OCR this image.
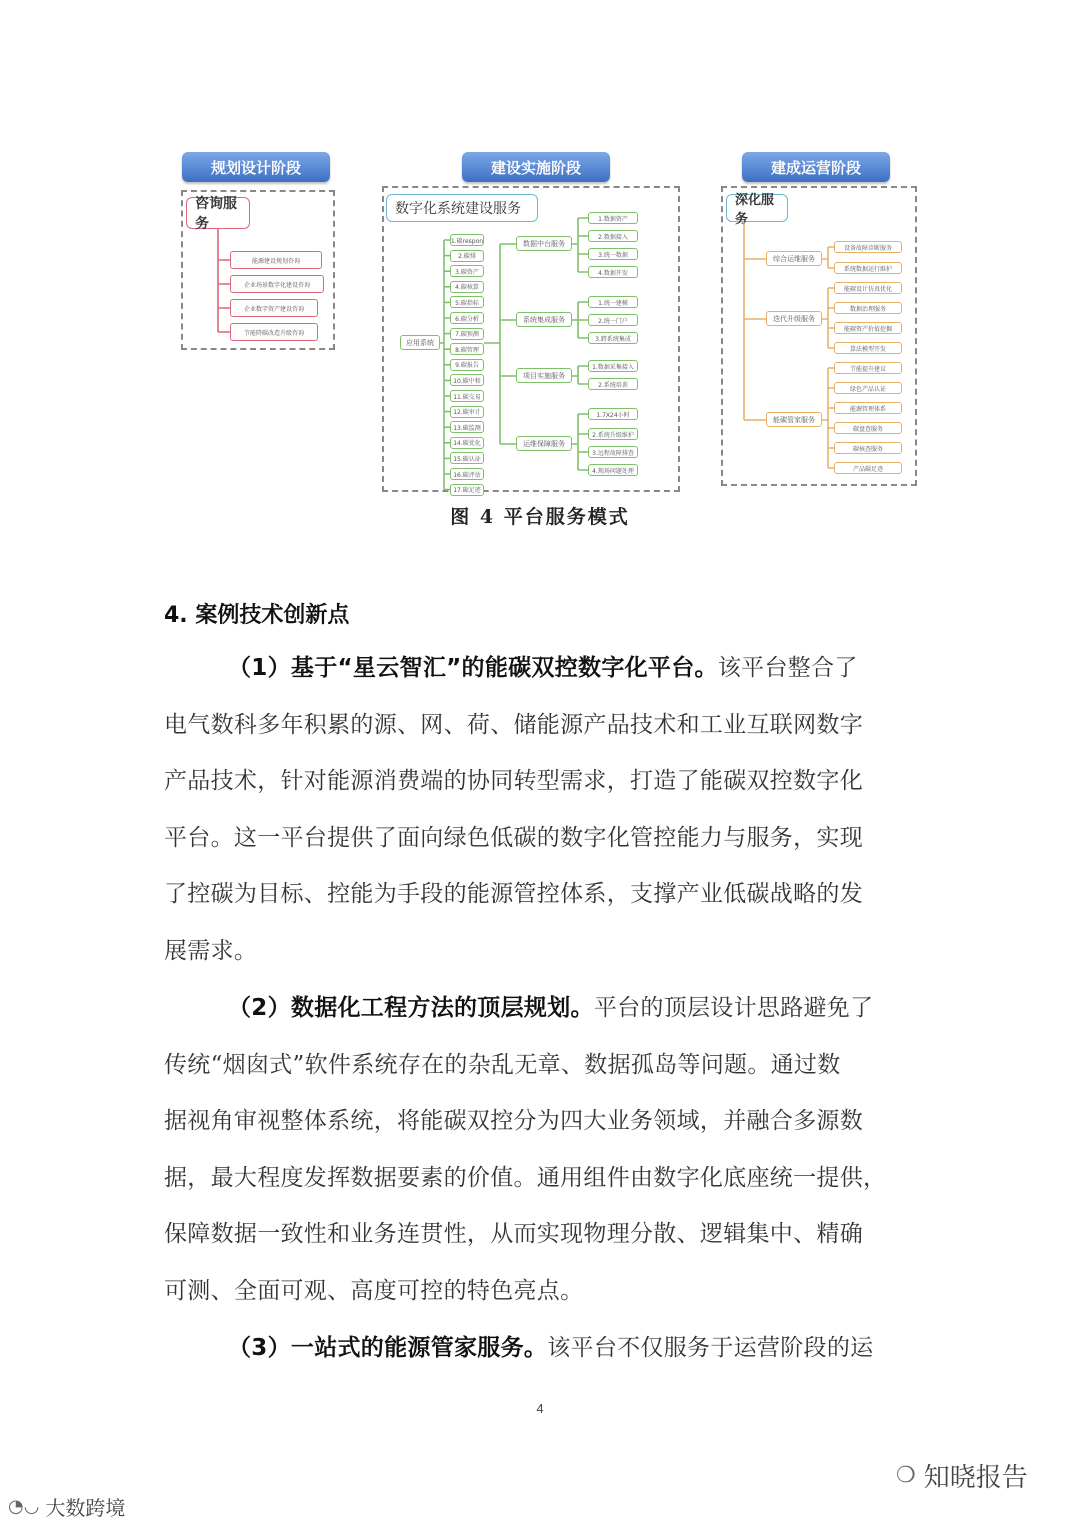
规划设计阶段	建设实施阶段	建成运营阶段
咨询服务
能源建设规划咨询
企业场景数字化建设咨询
企业数字资产建设咨询
节能降碳改造升级咨询
数字化系统建设服务
应用系统
1.碳respon
2.碳排
3.碳资产
4.碳核算
5.碳指标
6.碳分析
7.碳预测
8.碳管理
9.碳报告
10.碳中和
11.碳交易
12.碳审计
13.碳监测
14.碳优化
15.碳认证
16.碳评估
17.碳足迹
数据中台服务
1.数据资产
2.数据接入
3.统一数据
4.数据开发
系统集成服务
1.统一建模
2.统一门户
3.跨系统集成
项目实施服务
1.数据采集接入
2.系统培训
运维保障服务
1.7X24小时
2.系统升级维护
3.远程故障排查
4.现场问题处理
深化服务
综合运维服务
设备故障诊断服务
系统数据运行维护
迭代升级服务
能碳设计仿真优化
数据治理服务
能碳资产价值挖掘
算法模型开发
能碳管家服务
节能提升建议
绿色产品认证
能源管理体系
碳盘查服务
碳核查服务
产品碳足迹
图 4 平台服务模式
4. 案例技术创新点
（1）基于“星云智汇”的能碳双控数字化平台。该平台整合了
电气数科多年积累的源、网、荷、储能源产品技术和工业互联网数字
产品技术，针对能源消费端的协同转型需求，打造了能碳双控数字化
平台。这一平台提供了面向绿色低碳的数字化管控能力与服务，实现
了控碳为目标、控能为手段的能源管控体系，支撑产业低碳战略的发
展需求。
（2）数据化工程方法的顶层规划。平台的顶层设计思路避免了
传统“烟囱式”软件系统存在的杂乱无章、数据孤岛等问题。通过数
据视角审视整体系统，将能碳双控分为四大业务领域，并融合多源数
据，最大程度发挥数据要素的价值。通用组件由数字化底座统一提供，
保障数据一致性和业务连贯性，从而实现物理分散、逻辑集中、精确
可测、全面可观、高度可控的特色亮点。
（3）一站式的能源管家服务。该平台不仅服务于运营阶段的运
4
◔◡ 大数跨境
❍ 知晓报告
